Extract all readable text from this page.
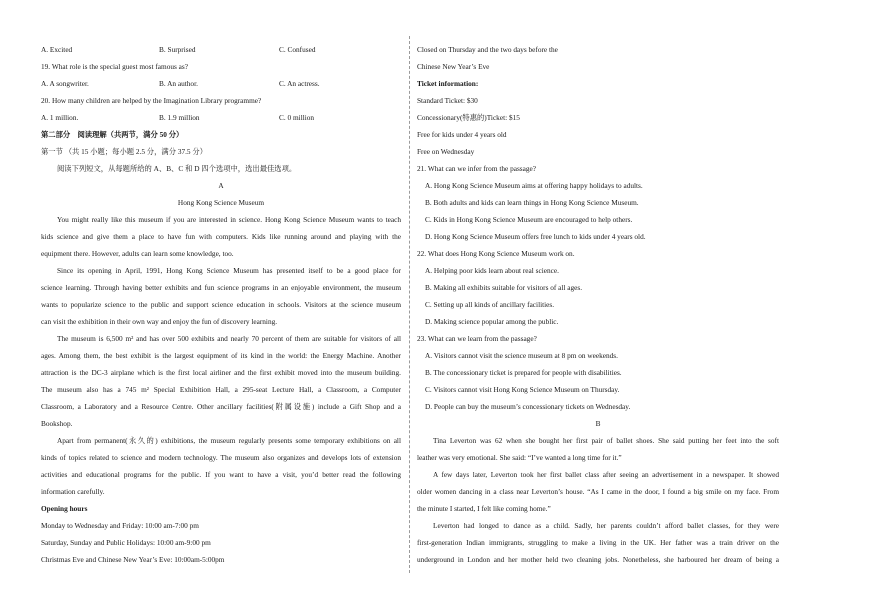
A. Excited	B. Surprised	C. Confused
19. What role is the special guest most famous as?
A. A songwriter.	B. An author.	C. An actress.
20. How many children are helped by the Imagination Library programme?
A. 1 million.	B. 1.9 million	C. 0 million
第二部分　阅读理解（共两节，满分 50 分）
第一节 （共 15 小题；每小题 2.5 分，满分 37.5 分）
阅读下列短文，从每题所给的 A、B、C 和 D 四个选项中，选出最佳选项。
A
Hong Kong Science Museum
You might really like this museum if you are interested in science. Hong Kong Science Museum wants to teach
kids science and give them a place to have fun with computers. Kids like running around and playing with the
equipment there. However, adults can learn some knowledge, too.
Since its opening in April, 1991, Hong Kong Science Museum has presented itself to be a good place for
science learning. Through having better exhibits and fun science programs in an enjoyable environment, the museum
wants to popularize science to the public and support science education in schools. Visitors at the science museum
can visit the exhibition in their own way and enjoy the fun of discovery learning.
The museum is 6,500 m² and has over 500 exhibits and nearly 70 percent of them are suitable for visitors of all
ages. Among them, the best exhibit is the largest equipment of its kind in the world: the Energy Machine. Another
attraction is the DC-3 airplane which is the first local airliner and the first exhibit moved into the museum building.
The museum also has a 745 m² Special Exhibition Hall, a 295-seat Lecture Hall, a Classroom, a Computer
Classroom, a Laboratory and a Resource Centre. Other ancillary facilities(附属设施) include a Gift Shop and a
Bookshop.
Apart from permanent(永久的) exhibitions, the museum regularly presents some temporary exhibitions on all
kinds of topics related to science and modern technology. The museum also organizes and develops lots of extension
activities and educational programs for the public. If you want to have a visit, you’d better read the following
information carefully.
Opening hours
Monday to Wednesday and Friday: 10:00 am-7:00 pm
Saturday, Sunday and Public Holidays: 10:00 am-9:00 pm
Christmas Eve and Chinese New Year’s Eve: 10:00am-5:00pm
Closed on Thursday and the two days before the
Chinese New Year’s Eve
Ticket information:
Standard Ticket: $30
Concessionary(特惠的)Ticket: $15
Free for kids under 4 years old
Free on Wednesday
21. What can we infer from the passage?
A. Hong Kong Science Museum aims at offering happy holidays to adults.
B. Both adults and kids can learn things in Hong Kong Science Museum.
C. Kids in Hong Kong Science Museum are encouraged to help others.
D. Hong Kong Science Museum offers free lunch to kids under 4 years old.
22. What does Hong Kong Science Museum work on.
A. Helping poor kids learn about real science.
B. Making all exhibits suitable for visitors of all ages.
C. Setting up all kinds of ancillary facilities.
D. Making science popular among the public.
23. What can we learn from the passage?
A. Visitors cannot visit the science museum at 8 pm on weekends.
B. The concessionary ticket is prepared for people with disabilities.
C. Visitors cannot visit Hong Kong Science Museum on Thursday.
D. People can buy the museum’s concessionary tickets on Wednesday.
B
Tina Leverton was 62 when she bought her first pair of ballet shoes. She said putting her feet into the soft
leather was very emotional. She said: “I’ve wanted a long time for it.”
A few days later, Leverton took her first ballet class after seeing an advertisement in a newspaper. It showed
older women dancing in a class near Leverton’s house. “As I came in the door, I found a big smile on my face. From
the minute I started, I felt like coming home.”
Leverton had longed to dance as a child. Sadly, her parents couldn’t afford ballet classes, for they were
first-generation Indian immigrants, struggling to make a living in the UK. Her father was a train driver on the
underground in London and her mother held two cleaning jobs. Nonetheless, she harboured her dream of being a
